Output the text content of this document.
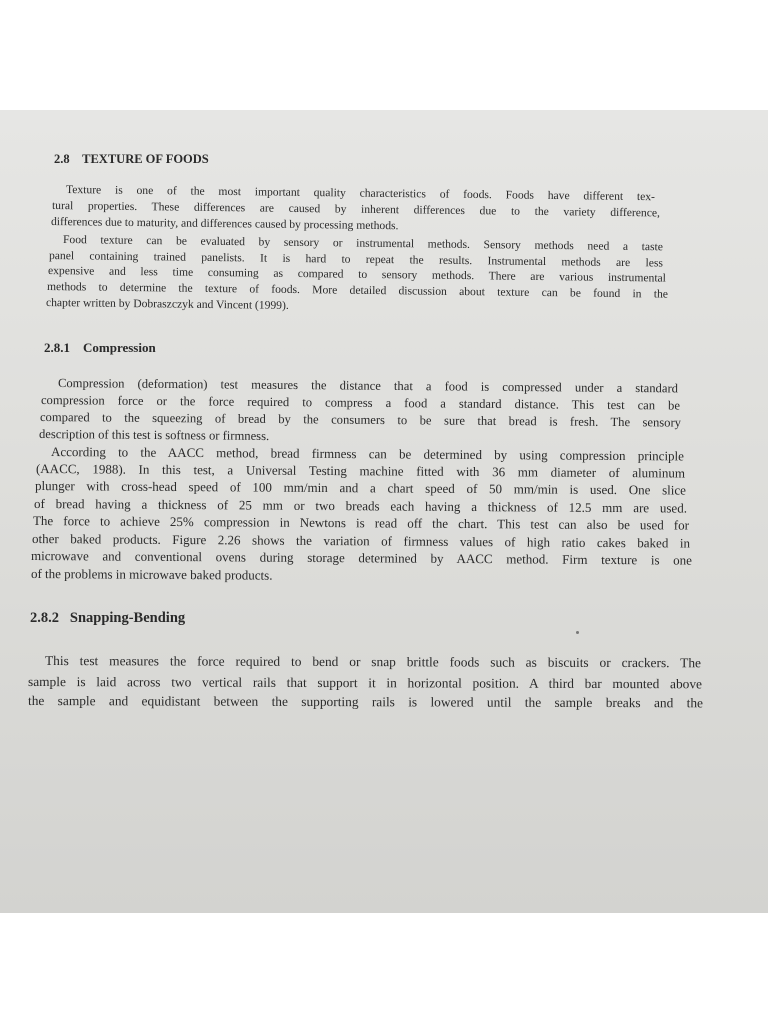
2.8 TEXTURE OF FOODS
Texture is one of the most important quality characteristics of foods. Foods have different tex-
tural properties. These differences are caused by inherent differences due to the variety difference,
differences due to maturity, and differences caused by processing methods.
Food texture can be evaluated by sensory or instrumental methods. Sensory methods need a taste
panel containing trained panelists. It is hard to repeat the results. Instrumental methods are less
expensive and less time consuming as compared to sensory methods. There are various instrumental
methods to determine the texture of foods. More detailed discussion about texture can be found in the
chapter written by Dobraszczyk and Vincent (1999).
2.8.1 Compression
Compression (deformation) test measures the distance that a food is compressed under a standard
compression force or the force required to compress a food a standard distance. This test can be
compared to the squeezing of bread by the consumers to be sure that bread is fresh. The sensory
description of this test is softness or firmness.
According to the AACC method, bread firmness can be determined by using compression principle
(AACC, 1988). In this test, a Universal Testing machine fitted with 36 mm diameter of aluminum
plunger with cross-head speed of 100 mm/min and a chart speed of 50 mm/min is used. One slice
of bread having a thickness of 25 mm or two breads each having a thickness of 12.5 mm are used.
The force to achieve 25% compression in Newtons is read off the chart. This test can also be used for
other baked products. Figure 2.26 shows the variation of firmness values of high ratio cakes baked in
microwave and conventional ovens during storage determined by AACC method. Firm texture is one
of the problems in microwave baked products.
2.8.2 Snapping-Bending
This test measures the force required to bend or snap brittle foods such as biscuits or crackers. The
sample is laid across two vertical rails that support it in horizontal position. A third bar mounted above
the sample and equidistant between the supporting rails is lowered until the sample breaks and the
